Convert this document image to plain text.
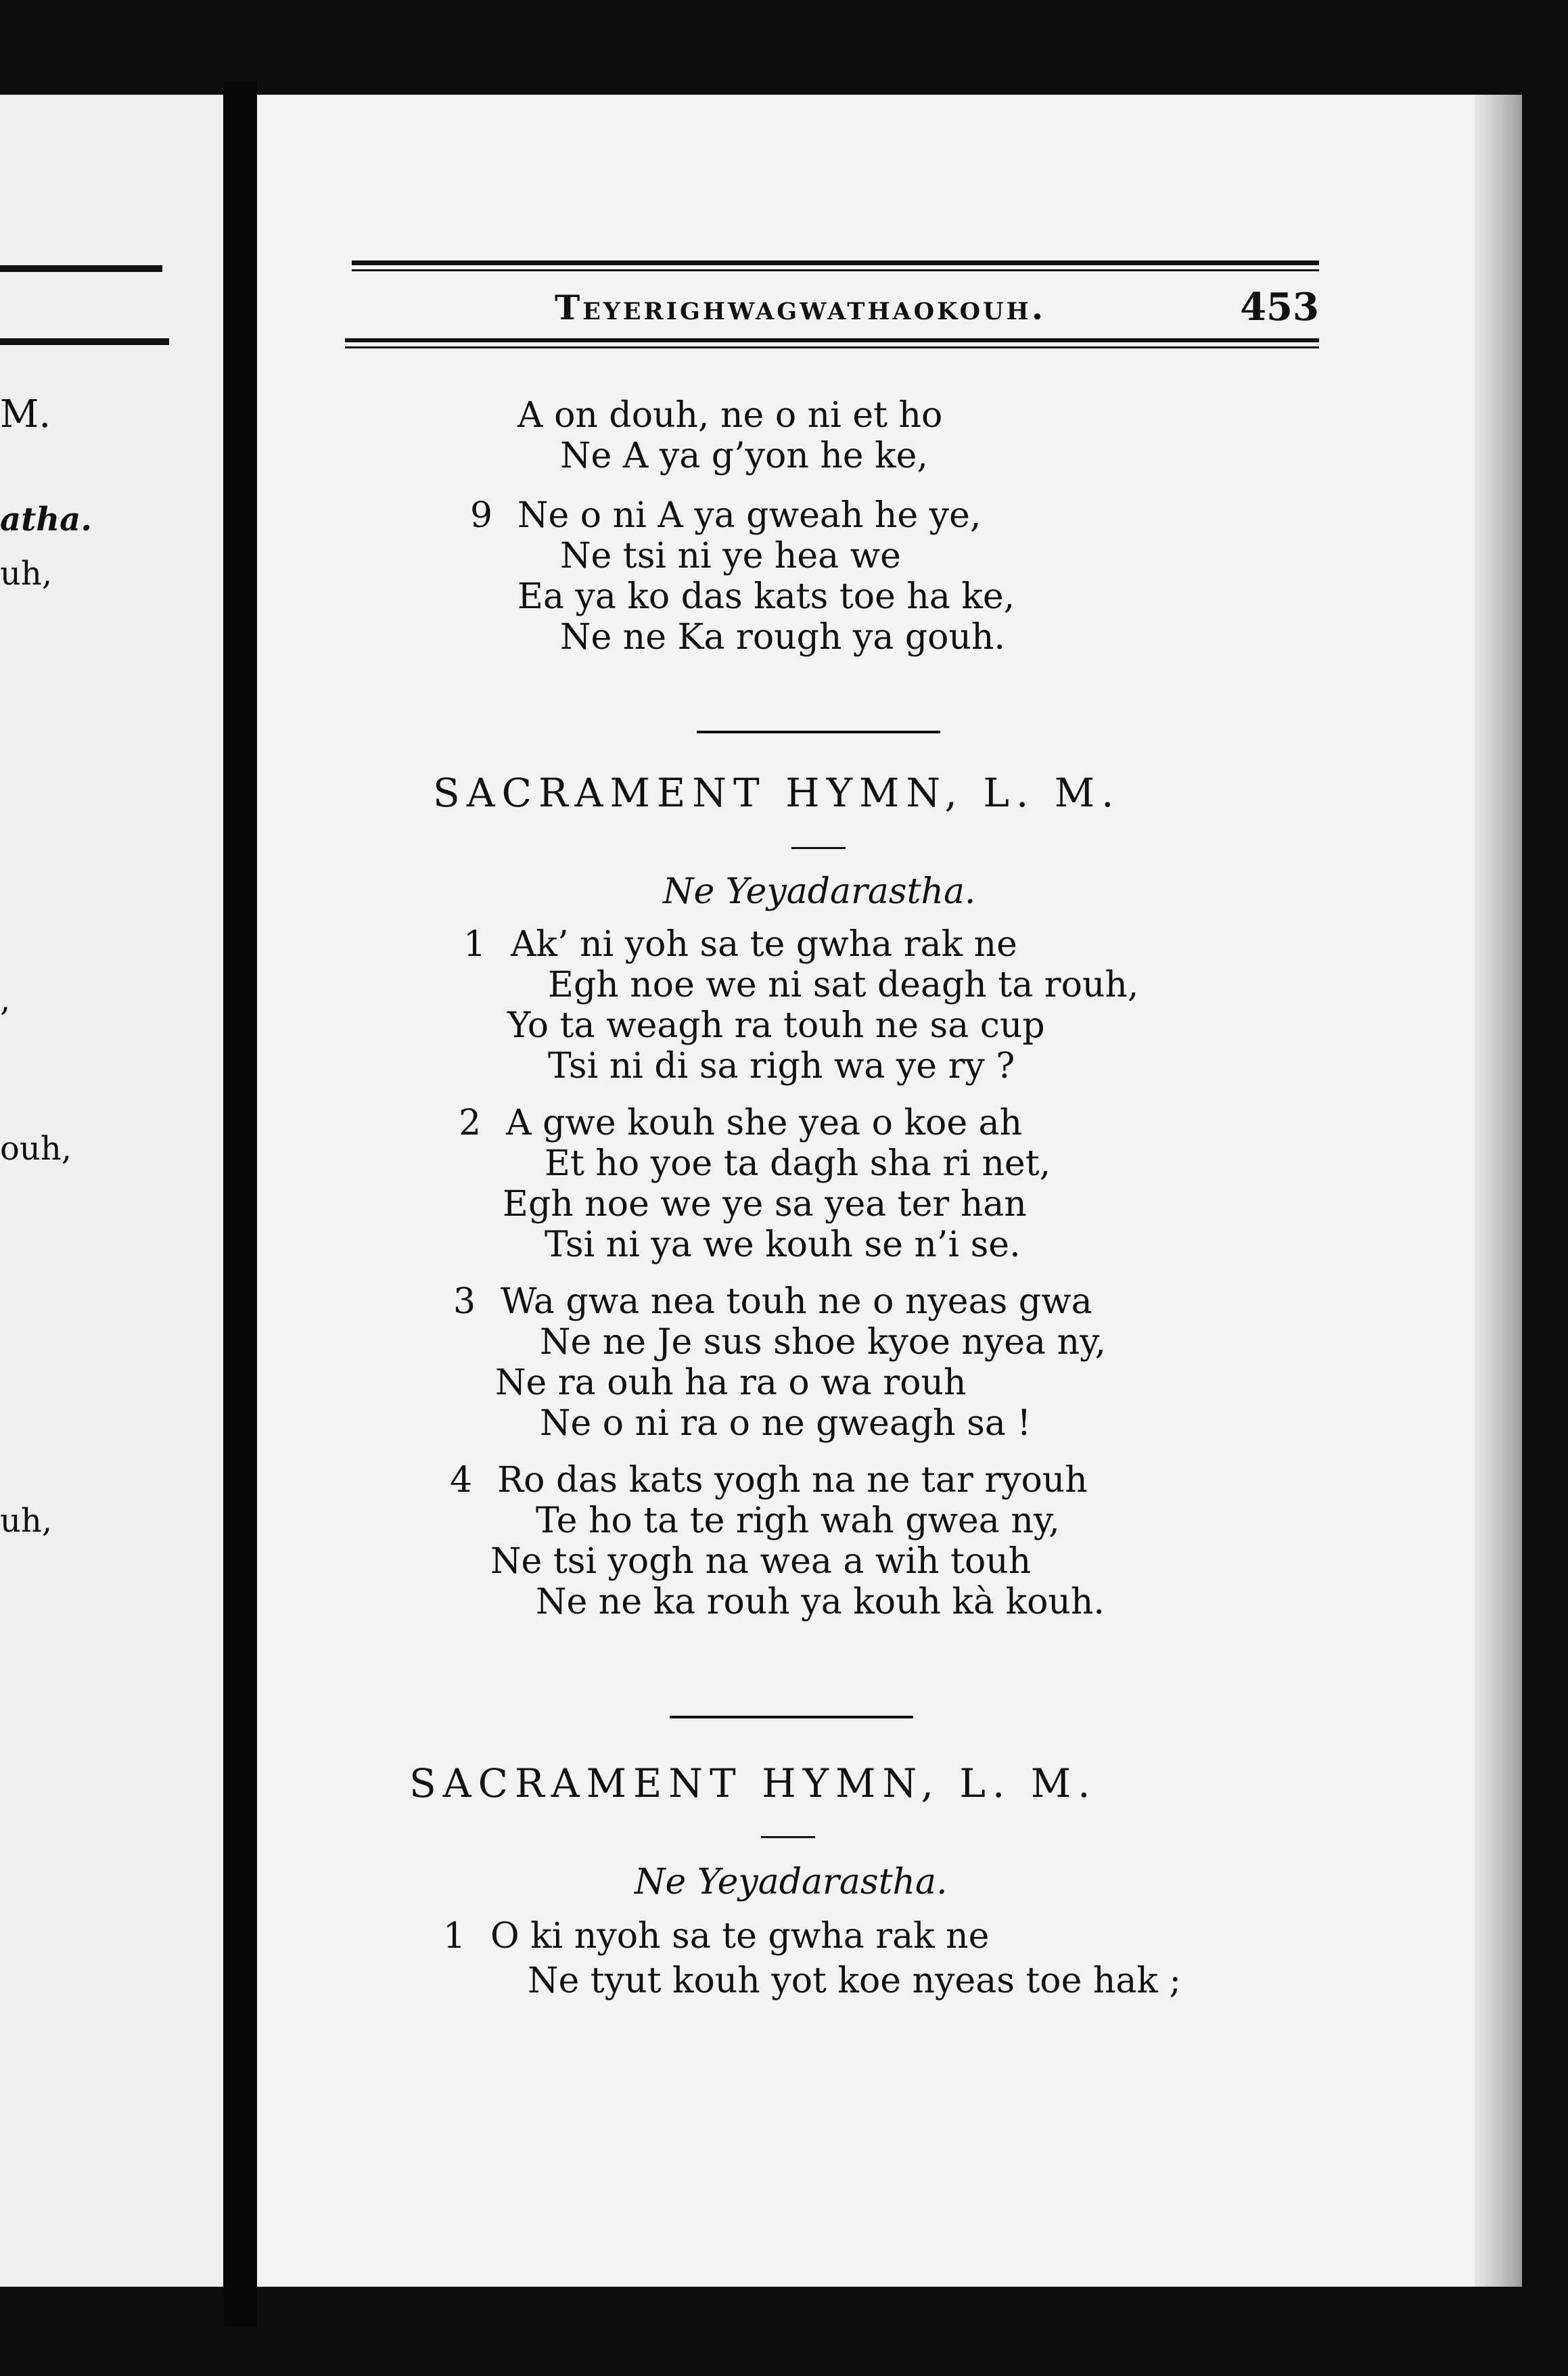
M.
atha.
uh,
,
ouh,
uh,
Teyerighwagwathaokouh.	453
A on douh, ne o ni et ho
Ne A ya g’yon he ke,
9 Ne o ni A ya gweah he ye,
Ne tsi ni ye hea we
Ea ya ko das kats toe ha ke,
Ne ne Ka rough ya gouh.
SACRAMENT HYMN, L. M.
Ne Yeyadarastha.
1 Ak’ ni yoh sa te gwha rak ne
Egh noe we ni sat deagh ta rouh,
Yo ta weagh ra touh ne sa cup
Tsi ni di sa righ wa ye ry ?
2 A gwe kouh she yea o koe ah
Et ho yoe ta dagh sha ri net,
Egh noe we ye sa yea ter han
Tsi ni ya we kouh se n’i se.
3 Wa gwa nea touh ne o nyeas gwa
Ne ne Je sus shoe kyoe nyea ny,
Ne ra ouh ha ra o wa rouh
Ne o ni ra o ne gweagh sa !
4 Ro das kats yogh na ne tar ryouh
Te ho ta te righ wah gwea ny,
Ne tsi yogh na wea a wih touh
Ne ne ka rouh ya kouh kà kouh.
SACRAMENT HYMN, L. M.
Ne Yeyadarastha.
1 O ki nyoh sa te gwha rak ne
Ne tyut kouh yot koe nyeas toe hak ;
